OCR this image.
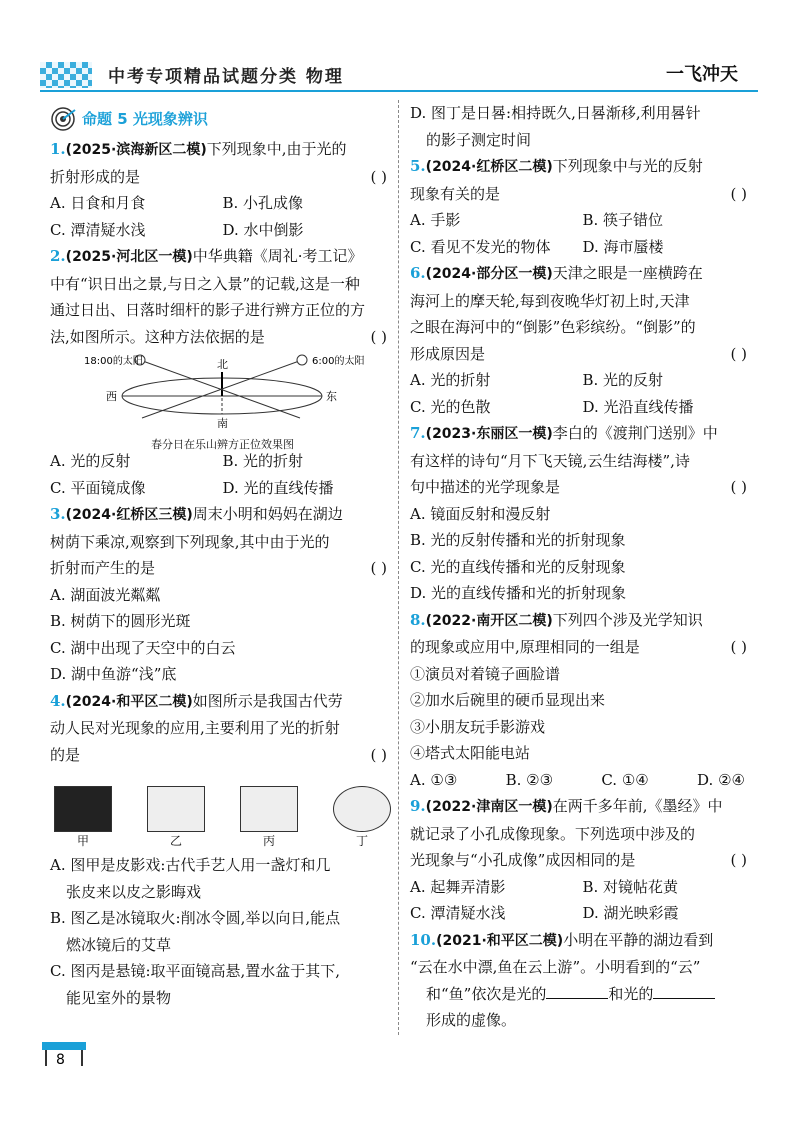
中考专项精品试题分类 物理	一飞冲天
命题 5 光现象辨识

1.(2025·滨海新区二模)下列现象中,由于光的

折射形成的是	( )

A. 日食和月食	B. 小孔成像
C. 潭清疑水浅	D. 水中倒影

2.(2025·河北区一模)中华典籍《周礼·考工记》

中有“识日出之景,与日之入景”的记载,这是一种

通过日出、日落时细杆的影子进行辨方正位的方

法,如图所示。这种方法依据的是	( )

18:00的太阳	6:00的太阳
北
南
西	东
春分日在乐山辨方正位效果图
A. 光的反射	B. 光的折射
C. 平面镜成像	D. 光的直线传播

3.(2024·红桥区三模)周末小明和妈妈在湖边

树荫下乘凉,观察到下列现象,其中由于光的

折射而产生的是	( )

A. 湖面波光粼粼

B. 树荫下的圆形光斑

C. 湖中出现了天空中的白云

D. 湖中鱼游“浅”底

4.(2024·和平区二模)如图所示是我国古代劳

动人民对光现象的应用,主要利用了光的折射

的是	( )

甲	乙	丙	丁

A. 图甲是皮影戏:古代手艺人用一盏灯和几

张皮来以皮之影晦戏

B. 图乙是冰镜取火:削冰令圆,举以向日,能点

燃冰镜后的艾草

C. 图丙是悬镜:取平面镜高悬,置水盆于其下,

能见室外的景物

D. 图丁是日晷:相持既久,日晷渐移,利用晷针

的影子测定时间

5.(2024·红桥区二模)下列现象中与光的反射

现象有关的是	( )

A. 手影	B. 筷子错位
C. 看见不发光的物体	D. 海市蜃楼

6.(2024·部分区一模)天津之眼是一座横跨在

海河上的摩天轮,每到夜晚华灯初上时,天津

之眼在海河中的“倒影”色彩缤纷。“倒影”的

形成原因是	( )

A. 光的折射	B. 光的反射
C. 光的色散	D. 光沿直线传播

7.(2023·东丽区一模)李白的《渡荆门送别》中

有这样的诗句“月下飞天镜,云生结海楼”,诗

句中描述的光学现象是	( )

A. 镜面反射和漫反射

B. 光的反射传播和光的折射现象

C. 光的直线传播和光的反射现象

D. 光的直线传播和光的折射现象

8.(2022·南开区二模)下列四个涉及光学知识

的现象或应用中,原理相同的一组是	( )

①演员对着镜子画脸谱

②加水后碗里的硬币显现出来

③小朋友玩手影游戏

④塔式太阳能电站

A. ①③	B. ②③	C. ①④	D. ②④

9.(2022·津南区一模)在两千多年前,《墨经》中

就记录了小孔成像现象。下列选项中涉及的

光现象与“小孔成像”成因相同的是	( )

A. 起舞弄清影	B. 对镜帖花黄
C. 潭清疑水浅	D. 湖光映彩霞

10.(2021·和平区二模)小明在平静的湖边看到

“云在水中漂,鱼在云上游”。小明看到的“云”

和“鱼”依次是光的	和光的

形成的虚像。

8
